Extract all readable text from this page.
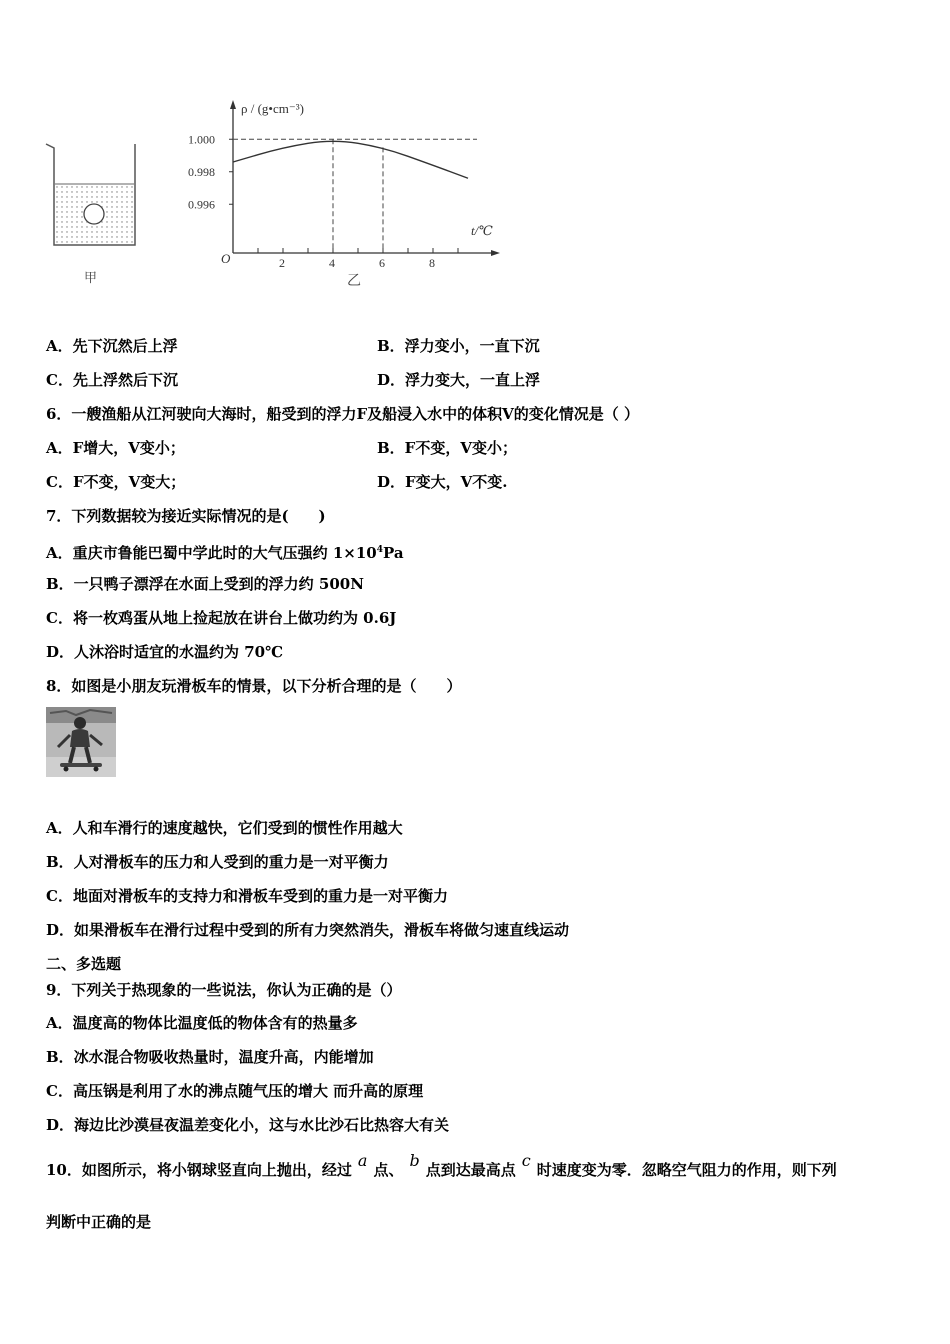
甲
ρ / (g•cm⁻³)
t/℃
O
1.000
0.998
0.996
2	4	6	8
乙
A．先下沉然后上浮	B．浮力变小，一直下沉
C．先上浮然后下沉	D．浮力变大，一直上浮
6．一艘渔船从江河驶向大海时，船受到的浮力F及船浸入水中的体积V的变化情况是（ ）
A．F增大，V变小；	B．F不变，V变小；
C．F不变，V变大；	D．F变大，V不变.
7．下列数据较为接近实际情况的是(　　)
A．重庆市鲁能巴蜀中学此时的大气压强约 $1\times 10^4Pa$
B．一只鸭子漂浮在水面上受到的浮力约 500N
C．将一枚鸡蛋从地上捡起放在讲台上做功约为 0.6J
D．人沐浴时适宜的水温约为 70℃
8．如图是小朋友玩滑板车的情景，以下分析合理的是（　　）
A．人和车滑行的速度越快，它们受到的惯性作用越大
B．人对滑板车的压力和人受到的重力是一对平衡力
C．地面对滑板车的支持力和滑板车受到的重力是一对平衡力
D．如果滑板车在滑行过程中受到的所有力突然消失，滑板车将做匀速直线运动
二、多选题
9．下列关于热现象的一些说法，你认为正确的是（）
A．温度高的物体比温度低的物体含有的热量多
B．冰水混合物吸收热量时，温度升高，内能增加
C．高压锅是利用了水的沸点随气压的增大 而升高的原理
D．海边比沙漠昼夜温差变化小，这与水比沙石比热容大有关
10．如图所示，将小钢球竖直向上抛出，经过 a 点、 b 点到达最高点 c 时速度变为零．忽略空气阻力的作用，则下列
判断中正确的是
